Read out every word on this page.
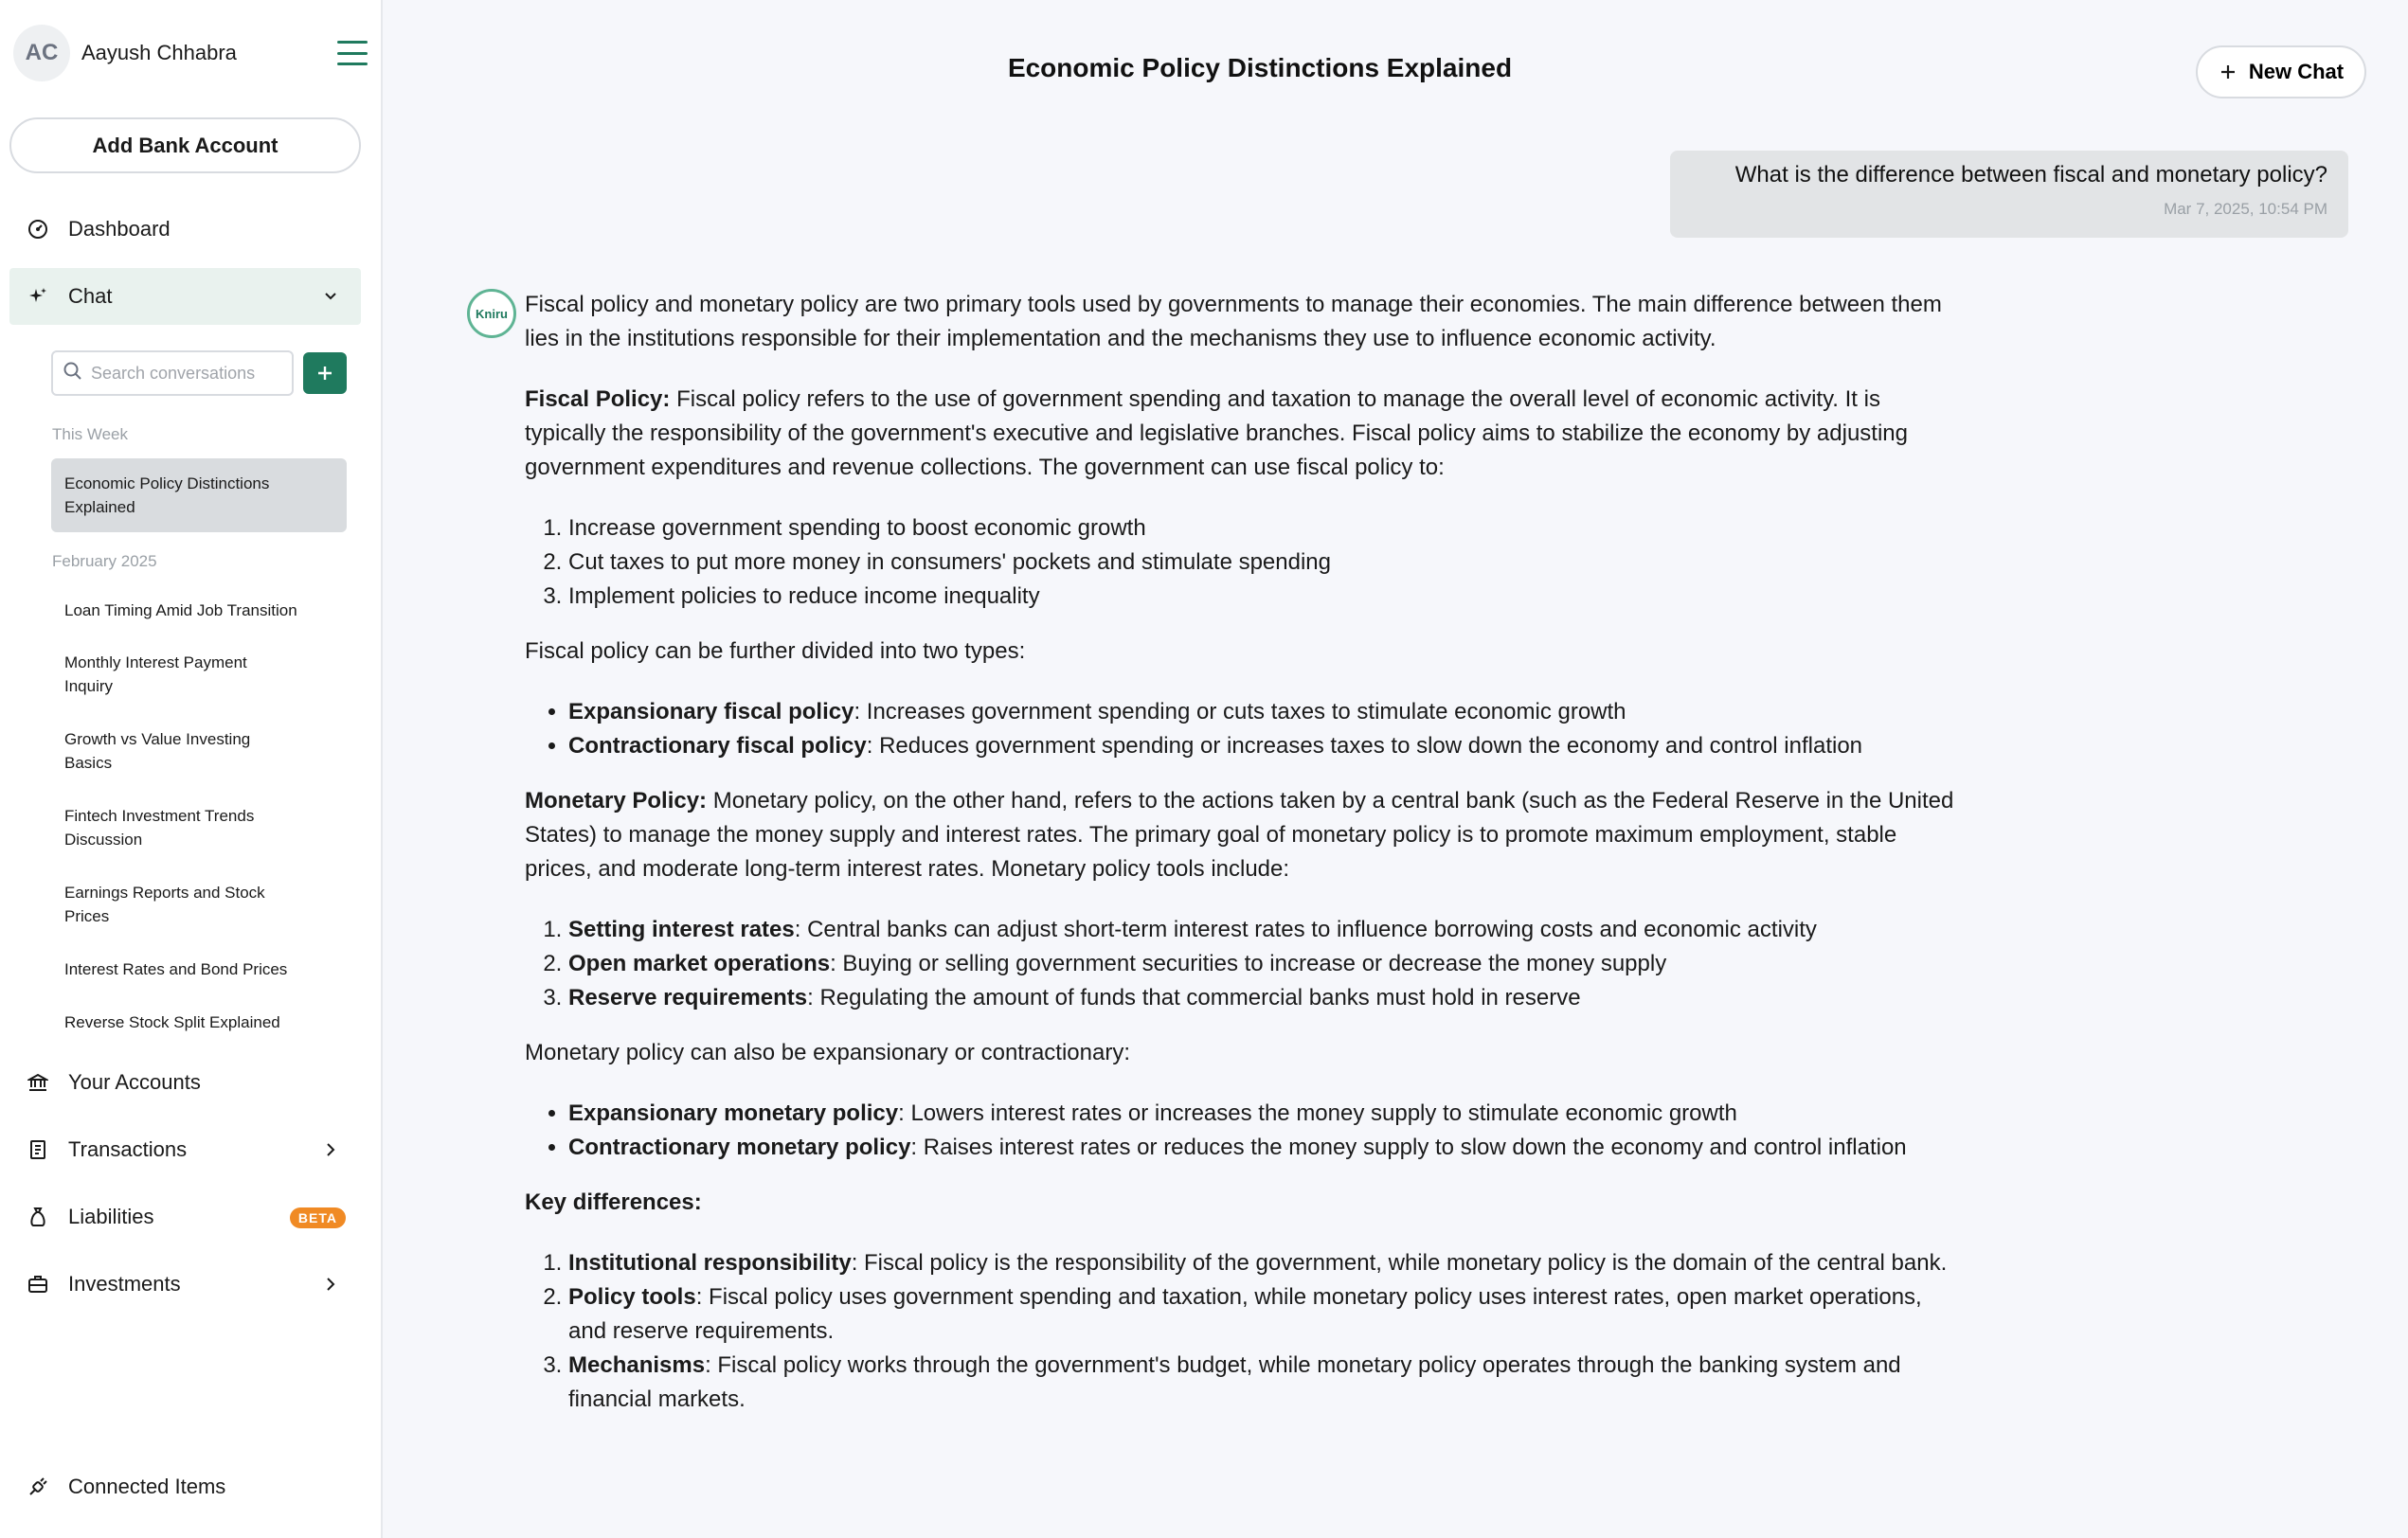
AC	Aayush Chhabra
Add Bank Account
Dashboard
Chat
Search conversations
This Week
Economic Policy Distinctions Explained
February 2025
Loan Timing Amid Job Transition
Monthly Interest Payment Inquiry
Growth vs Value Investing Basics
Fintech Investment Trends Discussion
Earnings Reports and Stock Prices
Interest Rates and Bond Prices
Reverse Stock Split Explained
Your Accounts
Transactions
Liabilities	BETA
Investments
Connected Items
Economic Policy Distinctions Explained	New Chat
What is the difference between fiscal and monetary policy?
Mar 7, 2025, 10:54 PM
Kniru Fiscal policy and monetary policy are two primary tools used by governments to manage their economies. The main difference between them lies in the institutions responsible for their implementation and the mechanisms they use to influence economic activity.

Fiscal Policy: Fiscal policy refers to the use of government spending and taxation to manage the overall level of economic activity. It is typically the responsibility of the government's executive and legislative branches. Fiscal policy aims to stabilize the economy by adjusting government expenditures and revenue collections. The government can use fiscal policy to:

1. Increase government spending to boost economic growth
2. Cut taxes to put more money in consumers' pockets and stimulate spending
3. Implement policies to reduce income inequality

Fiscal policy can be further divided into two types:

• Expansionary fiscal policy: Increases government spending or cuts taxes to stimulate economic growth
• Contractionary fiscal policy: Reduces government spending or increases taxes to slow down the economy and control inflation

Monetary Policy: Monetary policy, on the other hand, refers to the actions taken by a central bank (such as the Federal Reserve in the United States) to manage the money supply and interest rates. The primary goal of monetary policy is to promote maximum employment, stable prices, and moderate long-term interest rates. Monetary policy tools include:

1. Setting interest rates: Central banks can adjust short-term interest rates to influence borrowing costs and economic activity
2. Open market operations: Buying or selling government securities to increase or decrease the money supply
3. Reserve requirements: Regulating the amount of funds that commercial banks must hold in reserve

Monetary policy can also be expansionary or contractionary:

• Expansionary monetary policy: Lowers interest rates or increases the money supply to stimulate economic growth
• Contractionary monetary policy: Raises interest rates or reduces the money supply to slow down the economy and control inflation

Key differences:

1. Institutional responsibility: Fiscal policy is the responsibility of the government, while monetary policy is the domain of the central bank.
2. Policy tools: Fiscal policy uses government spending and taxation, while monetary policy uses interest rates, open market operations, and reserve requirements.
3. Mechanisms: Fiscal policy works through the government's budget, while monetary policy operates through the banking system and financial markets.
